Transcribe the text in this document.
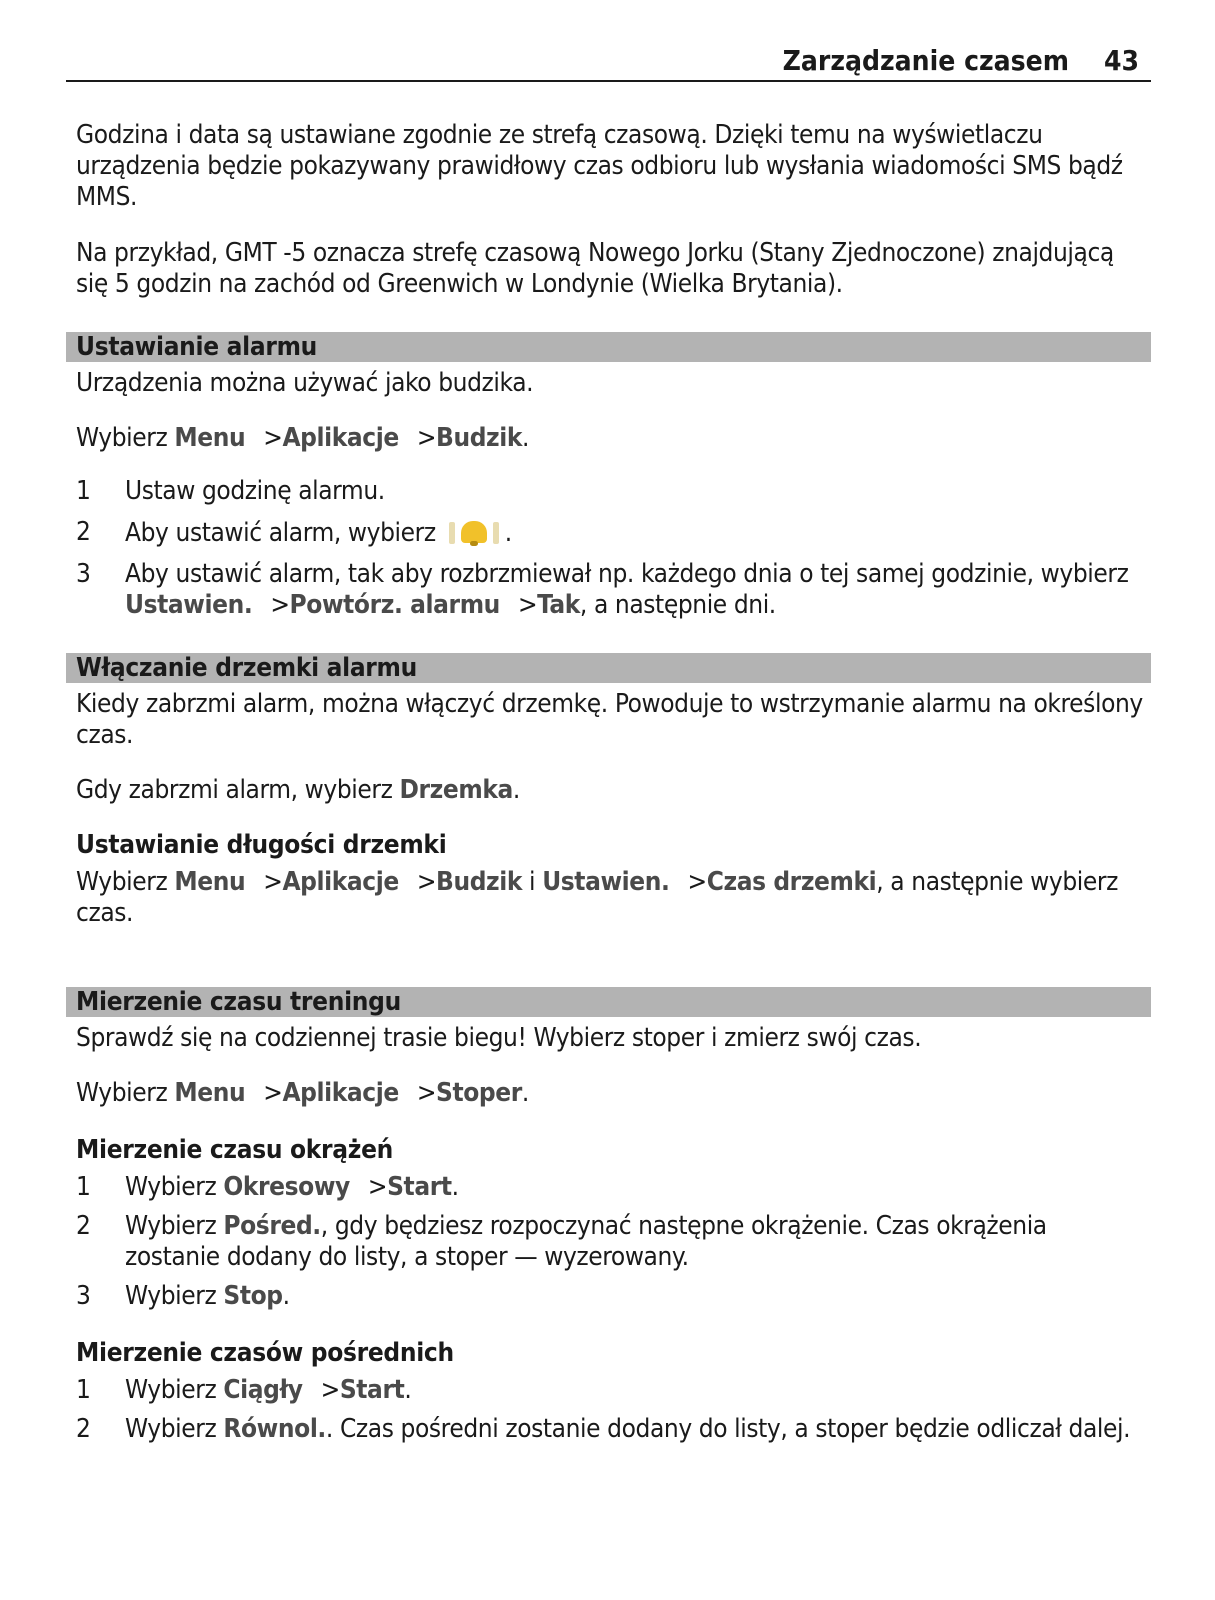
Zarządzanie czasem 43

Godzina i data są ustawiane zgodnie ze strefą czasową. Dzięki temu na wyświetlaczu urządzenia będzie pokazywany prawidłowy czas odbioru lub wysłania wiadomości SMS bądź MMS.

Na przykład, GMT -5 oznacza strefę czasową Nowego Jorku (Stany Zjednoczone) znajdującą się 5 godzin na zachód od Greenwich w Londynie (Wielka Brytania).

Ustawianie alarmu

Urządzenia można używać jako budzika.

Wybierz Menu >Aplikacje >Budzik.

1 Ustaw godzinę alarmu.
2 Aby ustawić alarm, wybierz	.
3 Aby ustawić alarm, tak aby rozbrzmiewał np. każdego dnia o tej samej godzinie, wybierz Ustawien. >Powtórz. alarmu >Tak, a następnie dni.
Włączanie drzemki alarmu

Kiedy zabrzmi alarm, można włączyć drzemkę. Powoduje to wstrzymanie alarmu na określony czas.

Gdy zabrzmi alarm, wybierz Drzemka.

Ustawianie długości drzemki

Wybierz Menu >Aplikacje >Budzik i Ustawien. >Czas drzemki, a następnie wybierz czas.

Mierzenie czasu treningu

Sprawdź się na codziennej trasie biegu! Wybierz stoper i zmierz swój czas.

Wybierz Menu >Aplikacje >Stoper.

Mierzenie czasu okrążeń
1 Wybierz Okresowy >Start.
2 Wybierz Pośred., gdy będziesz rozpoczynać następne okrążenie. Czas okrążenia zostanie dodany do listy, a stoper — wyzerowany.
3 Wybierz Stop.
Mierzenie czasów pośrednich
1 Wybierz Ciągły >Start.
2 Wybierz Równol.. Czas pośredni zostanie dodany do listy, a stoper będzie odliczał dalej.
